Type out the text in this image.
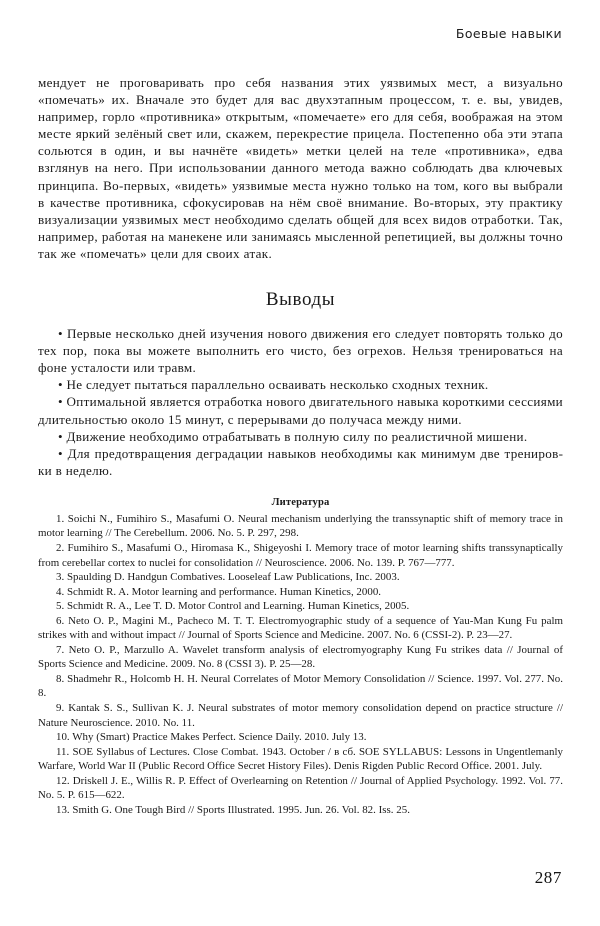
Боевые навыки

мендует не проговаривать про себя названия этих уязвимых мест, а визуально «помечать» их. Вначале это будет для вас двухэтапным процессом, т. е. вы, увидев, например, горло «противника» открытым, «помечаете» его для себя, воображая на этом месте яркий зелёный свет или, скажем, перекрестие прицела. Постепенно оба эти этапа сольются в один, и вы начнёте «видеть» метки целей на теле «противника», едва взглянув на него. При использовании данного метода важно соблюдать два ключевых принципа. Во-первых, «видеть» уязвимые места нужно только на том, кого вы выбрали в качестве противника, сфокусировав на нём своё внимание. Во-вторых, эту практику визуализации уязвимых мест необходимо сделать общей для всех видов отработки. Так, например, работая на манекене или занимаясь мысленной репетицией, вы должны точно так же «помечать» цели для своих атак.

Выводы
• Первые несколько дней изучения нового движения его следует повторять только до тех пор, пока вы можете выполнить его чисто, без огрехов. Нельзя тренироваться на фоне усталости или травм.
• Не следует пытаться параллельно осваивать несколько сходных техник.
• Оптимальной является отработка нового двигательного навыка короткими сессиями длительностью около 15 минут, с перерывами до получаса между ними.
• Движение необходимо отрабатывать в полную силу по реалистичной мишени.
• Для предотвращения деградации навыков необходимы как минимум две тренировки в неделю.
Литература
1. Soichi N., Fumihiro S., Masafumi O. Neural mechanism underlying the transsynaptic shift of memory trace in motor learning // The Cerebellum. 2006. No. 5. P. 297, 298.
2. Fumihiro S., Masafumi O., Hiromasa K., Shigeyoshi I. Memory trace of motor learning shifts transsynaptically from cerebellar cortex to nuclei for consolidation // Neuroscience. 2006. No. 139. P. 767—777.
3. Spaulding D. Handgun Combatives. Looseleaf Law Publications, Inc. 2003.
4. Schmidt R. A. Motor learning and performance. Human Kinetics, 2000.
5. Schmidt R. A., Lee T. D. Motor Control and Learning. Human Kinetics, 2005.
6. Neto O. P., Magini M., Pacheco M. T. T. Electromyographic study of a sequence of Yau-Man Kung Fu palm strikes with and without impact // Journal of Sports Science and Medicine. 2007. No. 6 (CSSI-2). P. 23—27.
7. Neto O. P., Marzullo A. Wavelet transform analysis of electromyography Kung Fu strikes data // Journal of Sports Science and Medicine. 2009. No. 8 (CSSI 3). P. 25—28.
8. Shadmehr R., Holcomb H. H. Neural Correlates of Motor Memory Consolidation // Science. 1997. Vol. 277. No. 8.
9. Kantak S. S., Sullivan K. J. Neural substrates of motor memory consolidation depend on practice structure // Nature Neuroscience. 2010. No. 11.
10. Why (Smart) Practice Makes Perfect. Science Daily. 2010. July 13.
11. SOE Syllabus of Lectures. Close Combat. 1943. October / в сб. SOE SYLLABUS: Lessons in Ungentlemanly Warfare, World War II (Public Record Office Secret History Files). Denis Rigden Public Record Office. 2001. July.
12. Driskell J. E., Willis R. P. Effect of Overlearning on Retention // Journal of Applied Psychology. 1992. Vol. 77. No. 5. P. 615—622.
13. Smith G. One Tough Bird // Sports Illustrated. 1995. Jun. 26. Vol. 82. Iss. 25.
287
